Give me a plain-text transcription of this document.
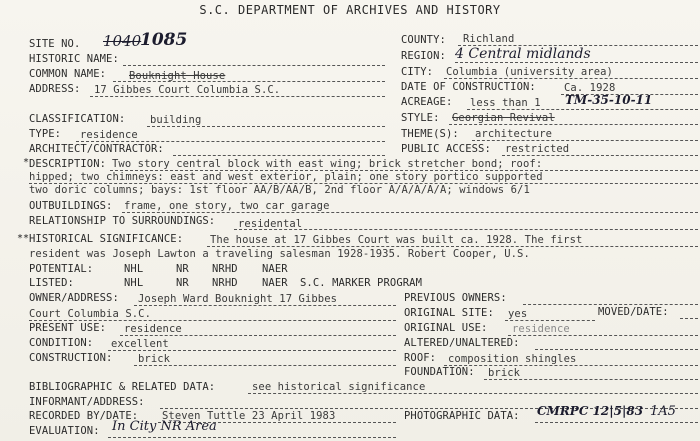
S.C. DEPARTMENT OF ARCHIVES AND HISTORY
SITE NO. 1040
1085
HISTORIC NAME:
COMMON NAME: Bouknight House
ADDRESS: 17 Gibbes Court Columbia S.C.
COUNTY: Richland
REGION: 4 Central midlands
CITY: Columbia (university area)
DATE OF CONSTRUCTION:	Ca. 1928
ACREAGE: less than 1 TM-35-10-11
CLASSIFICATION: building	STYLE: Georgian Revival
TYPE: residence	THEME(S): architecture
ARCHITECT/CONTRACTOR:	PUBLIC ACCESS: restricted
* DESCRIPTION: Two story central block with east wing; brick stretcher bond; roof:
hipped; two chimneys: east and west exterior, plain; one story portico supported
two doric columns; bays: 1st floor AA/B/AA/B, 2nd floor A/A/A/A/A; windows 6/1
OUTBUILDINGS: frame, one story, two car garage
RELATIONSHIP TO SURROUNDINGS: residental
** HISTORICAL SIGNIFICANCE:	The house at 17 Gibbes Court was built ca. 1928. The first
resident was Joseph Lawton a traveling salesman 1928-1935. Robert Cooper, U.S.
POTENTIAL:	NHL	NR NRHD NAER
LISTED:	NHL	NR NRHD NAER S.C. MARKER PROGRAM
OWNER/ADDRESS: Joseph Ward Bouknight 17 Gibbes
Court Columbia S.C.
PREVIOUS OWNERS:
ORIGINAL SITE: yes	MOVED/DATE:
PRESENT USE: residence	ORIGINAL USE: residence
CONDITION: excellent	ALTERED/UNALTERED:
CONSTRUCTION: brick	ROOF: composition shingles
FOUNDATION: brick
BIBLIOGRAPHIC & RELATED DATA:	see historical significance
INFORMANT/ADDRESS:
RECORDED BY/DATE: Steven Tuttle 23 April 1983	PHOTOGRAPHIC DATA: CMRPC 12|5|83 1A5
EVALUATION: In City NR Area
